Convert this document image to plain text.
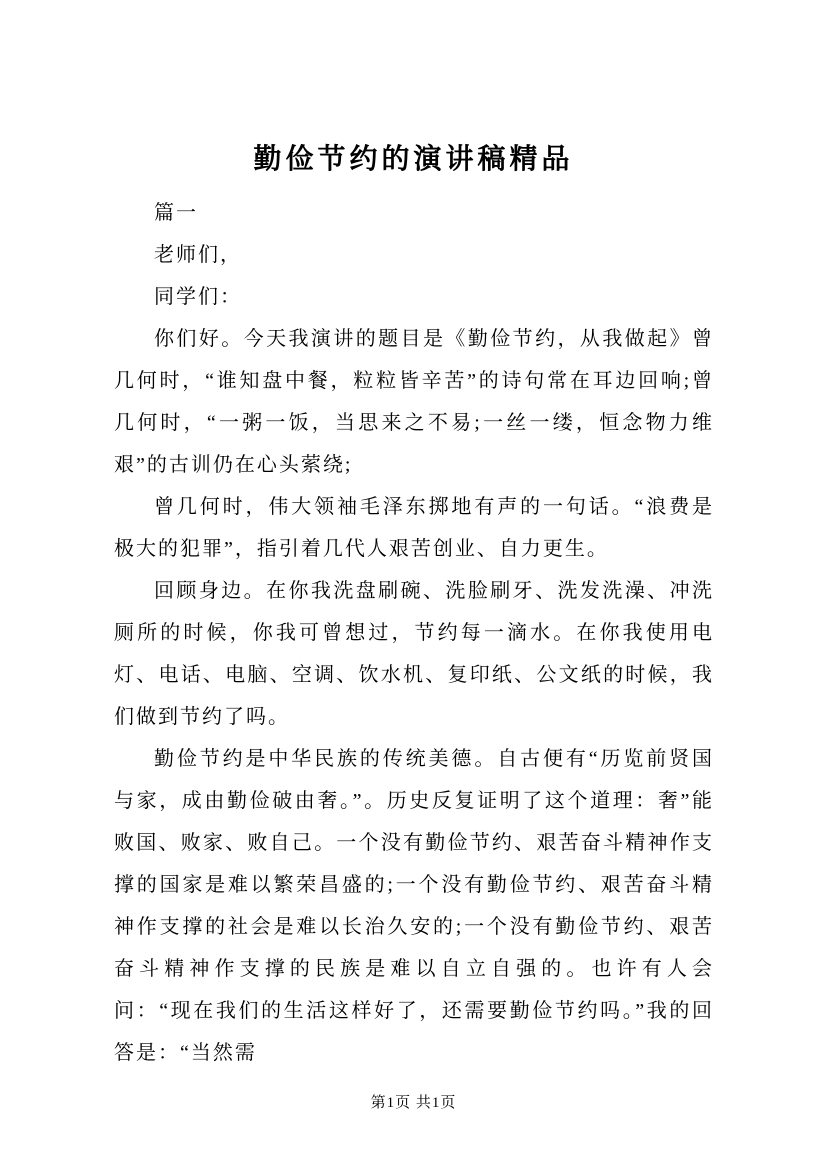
勤俭节约的演讲稿精品

篇一

老师们，

同学们：

你们好。今天我演讲的题目是《勤俭节约，从我做起》曾几何时，“谁知盘中餐，粒粒皆辛苦”的诗句常在耳边回响;曾几何时，“一粥一饭，当思来之不易;一丝一缕，恒念物力维艰”的古训仍在心头萦绕;

曾几何时，伟大领袖毛泽东掷地有声的一句话。“浪费是极大的犯罪”，指引着几代人艰苦创业、自力更生。

回顾身边。在你我洗盘刷碗、洗脸刷牙、洗发洗澡、冲洗厕所的时候，你我可曾想过，节约每一滴水。在你我使用电灯、电话、电脑、空调、饮水机、复印纸、公文纸的时候，我们做到节约了吗。

勤俭节约是中华民族的传统美德。自古便有“历览前贤国与家，成由勤俭破由奢。”。历史反复证明了这个道理：奢”能败国、败家、败自己。一个没有勤俭节约、艰苦奋斗精神作支撑的国家是难以繁荣昌盛的;一个没有勤俭节约、艰苦奋斗精神作支撑的社会是难以长治久安的;一个没有勤俭节约、艰苦奋斗精神作支撑的民族是难以自立自强的。也许有人会问：“现在我们的生活这样好了，还需要勤俭节约吗。”我的回答是：“当然需

第1页 共1页
